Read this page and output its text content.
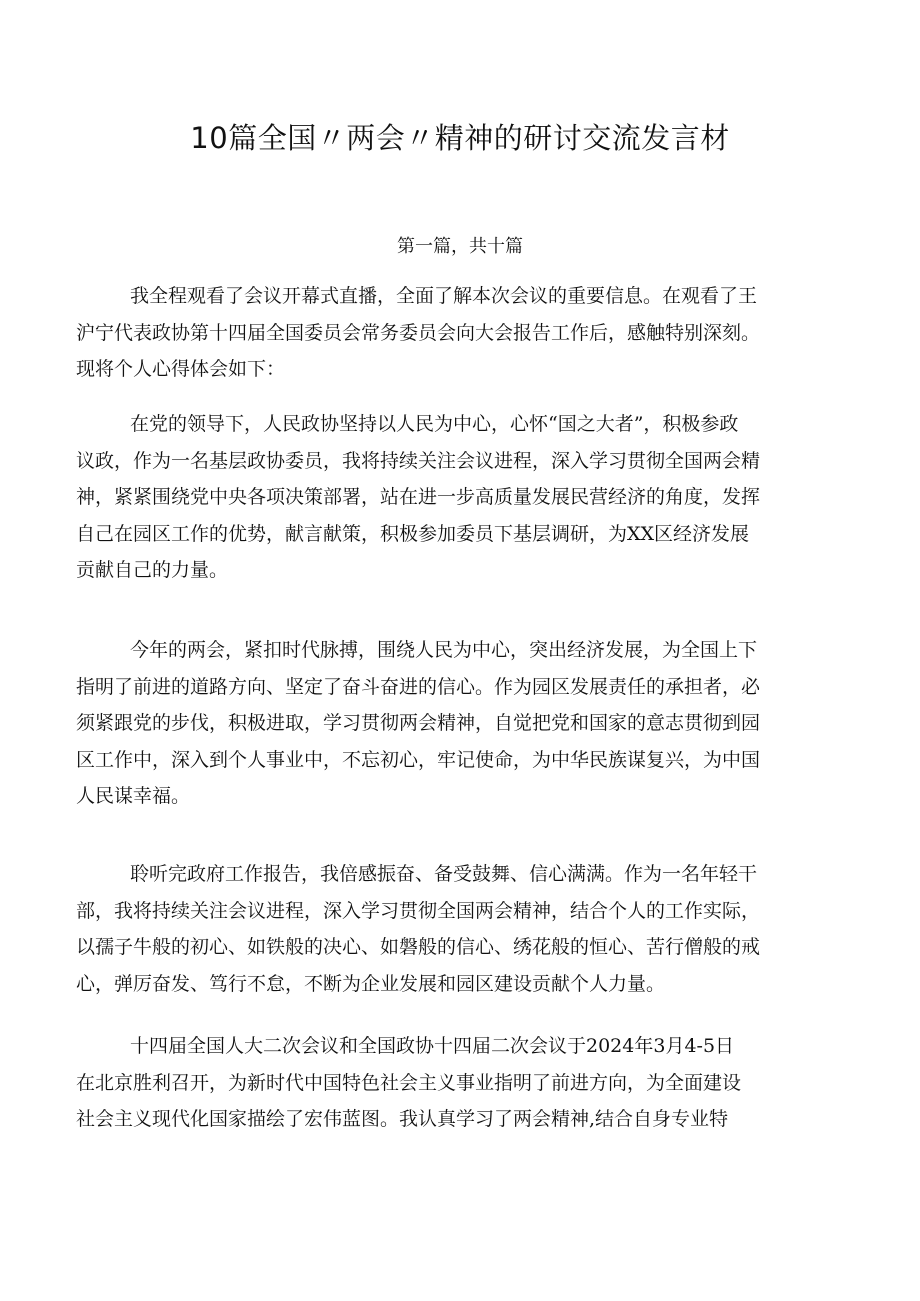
10篇全国〃两会〃精神的研讨交流发言材
第一篇，共十篇

我全程观看了会议开幕式直播，全面了解本次会议的重要信息。在观看了王
沪宁代表政协第十四届全国委员会常务委员会向大会报告工作后，感触特别深刻。
现将个人心得体会如下：

在党的领导下，人民政协坚持以人民为中心，心怀“国之大者”，积极参政
议政，作为一名基层政协委员，我将持续关注会议进程，深入学习贯彻全国两会精
神，紧紧围绕党中央各项决策部署，站在进一步高质量发展民营经济的角度，发挥
自己在园区工作的优势，献言献策，积极参加委员下基层调研，为XX区经济发展
贡献自己的力量。

今年的两会，紧扣时代脉搏，围绕人民为中心，突出经济发展，为全国上下
指明了前进的道路方向、坚定了奋斗奋进的信心。作为园区发展责任的承担者，必
须紧跟党的步伐，积极进取，学习贯彻两会精神，自觉把党和国家的意志贯彻到园
区工作中，深入到个人事业中，不忘初心，牢记使命，为中华民族谋复兴，为中国
人民谋幸福。

聆听完政府工作报告，我倍感振奋、备受鼓舞、信心满满。作为一名年轻干
部，我将持续关注会议进程，深入学习贯彻全国两会精神，结合个人的工作实际，
以孺子牛般的初心、如铁般的决心、如磐般的信心、绣花般的恒心、苦行僧般的戒
心，弹厉奋发、笃行不怠，不断为企业发展和园区建设贡献个人力量。

十四届全国人大二次会议和全国政协十四届二次会议于2024年3月4-5日
在北京胜利召开，为新时代中国特色社会主义事业指明了前进方向，为全面建设
社会主义现代化国家描绘了宏伟蓝图。我认真学习了两会精神,结合自身专业特
